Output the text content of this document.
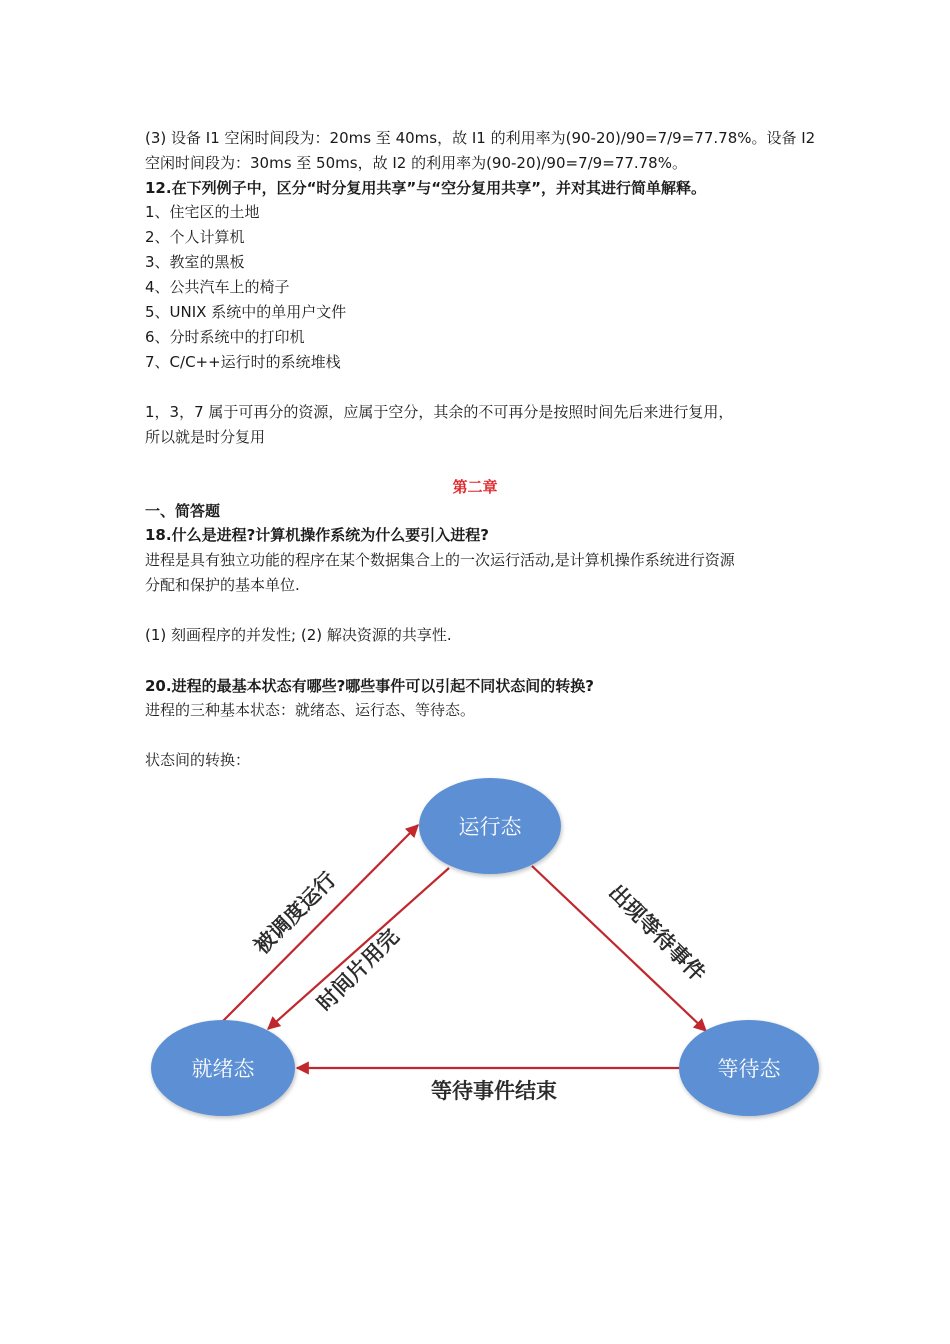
(3) 设备 I1 空闲时间段为：20ms 至 40ms，故 I1 的利用率为(90-20)/90=7/9=77.78%。设备 I2
空闲时间段为：30ms 至 50ms，故 I2 的利用率为(90-20)/90=7/9=77.78%。
12.在下列例子中，区分“时分复用共享”与“空分复用共享”，并对其进行简单解释。
1、住宅区的土地
2、个人计算机
3、教室的黑板
4、公共汽车上的椅子
5、UNIX 系统中的单用户文件
6、分时系统中的打印机
7、C/C++运行时的系统堆栈
1，3，7 属于可再分的资源，应属于空分，其余的不可再分是按照时间先后来进行复用，
所以就是时分复用
第二章
一、简答题
18.什么是进程?计算机操作系统为什么要引入进程?
进程是具有独立功能的程序在某个数据集合上的一次运行活动,是计算机操作系统进行资源
分配和保护的基本单位.
(1) 刻画程序的并发性; (2) 解决资源的共享性.
20.进程的最基本状态有哪些?哪些事件可以引起不同状态间的转换?
进程的三种基本状态：就绪态、运行态、等待态。
状态间的转换：
运行态
就绪态	等待态
被调度运行
时间片用完	出现等待事件
等待事件结束
